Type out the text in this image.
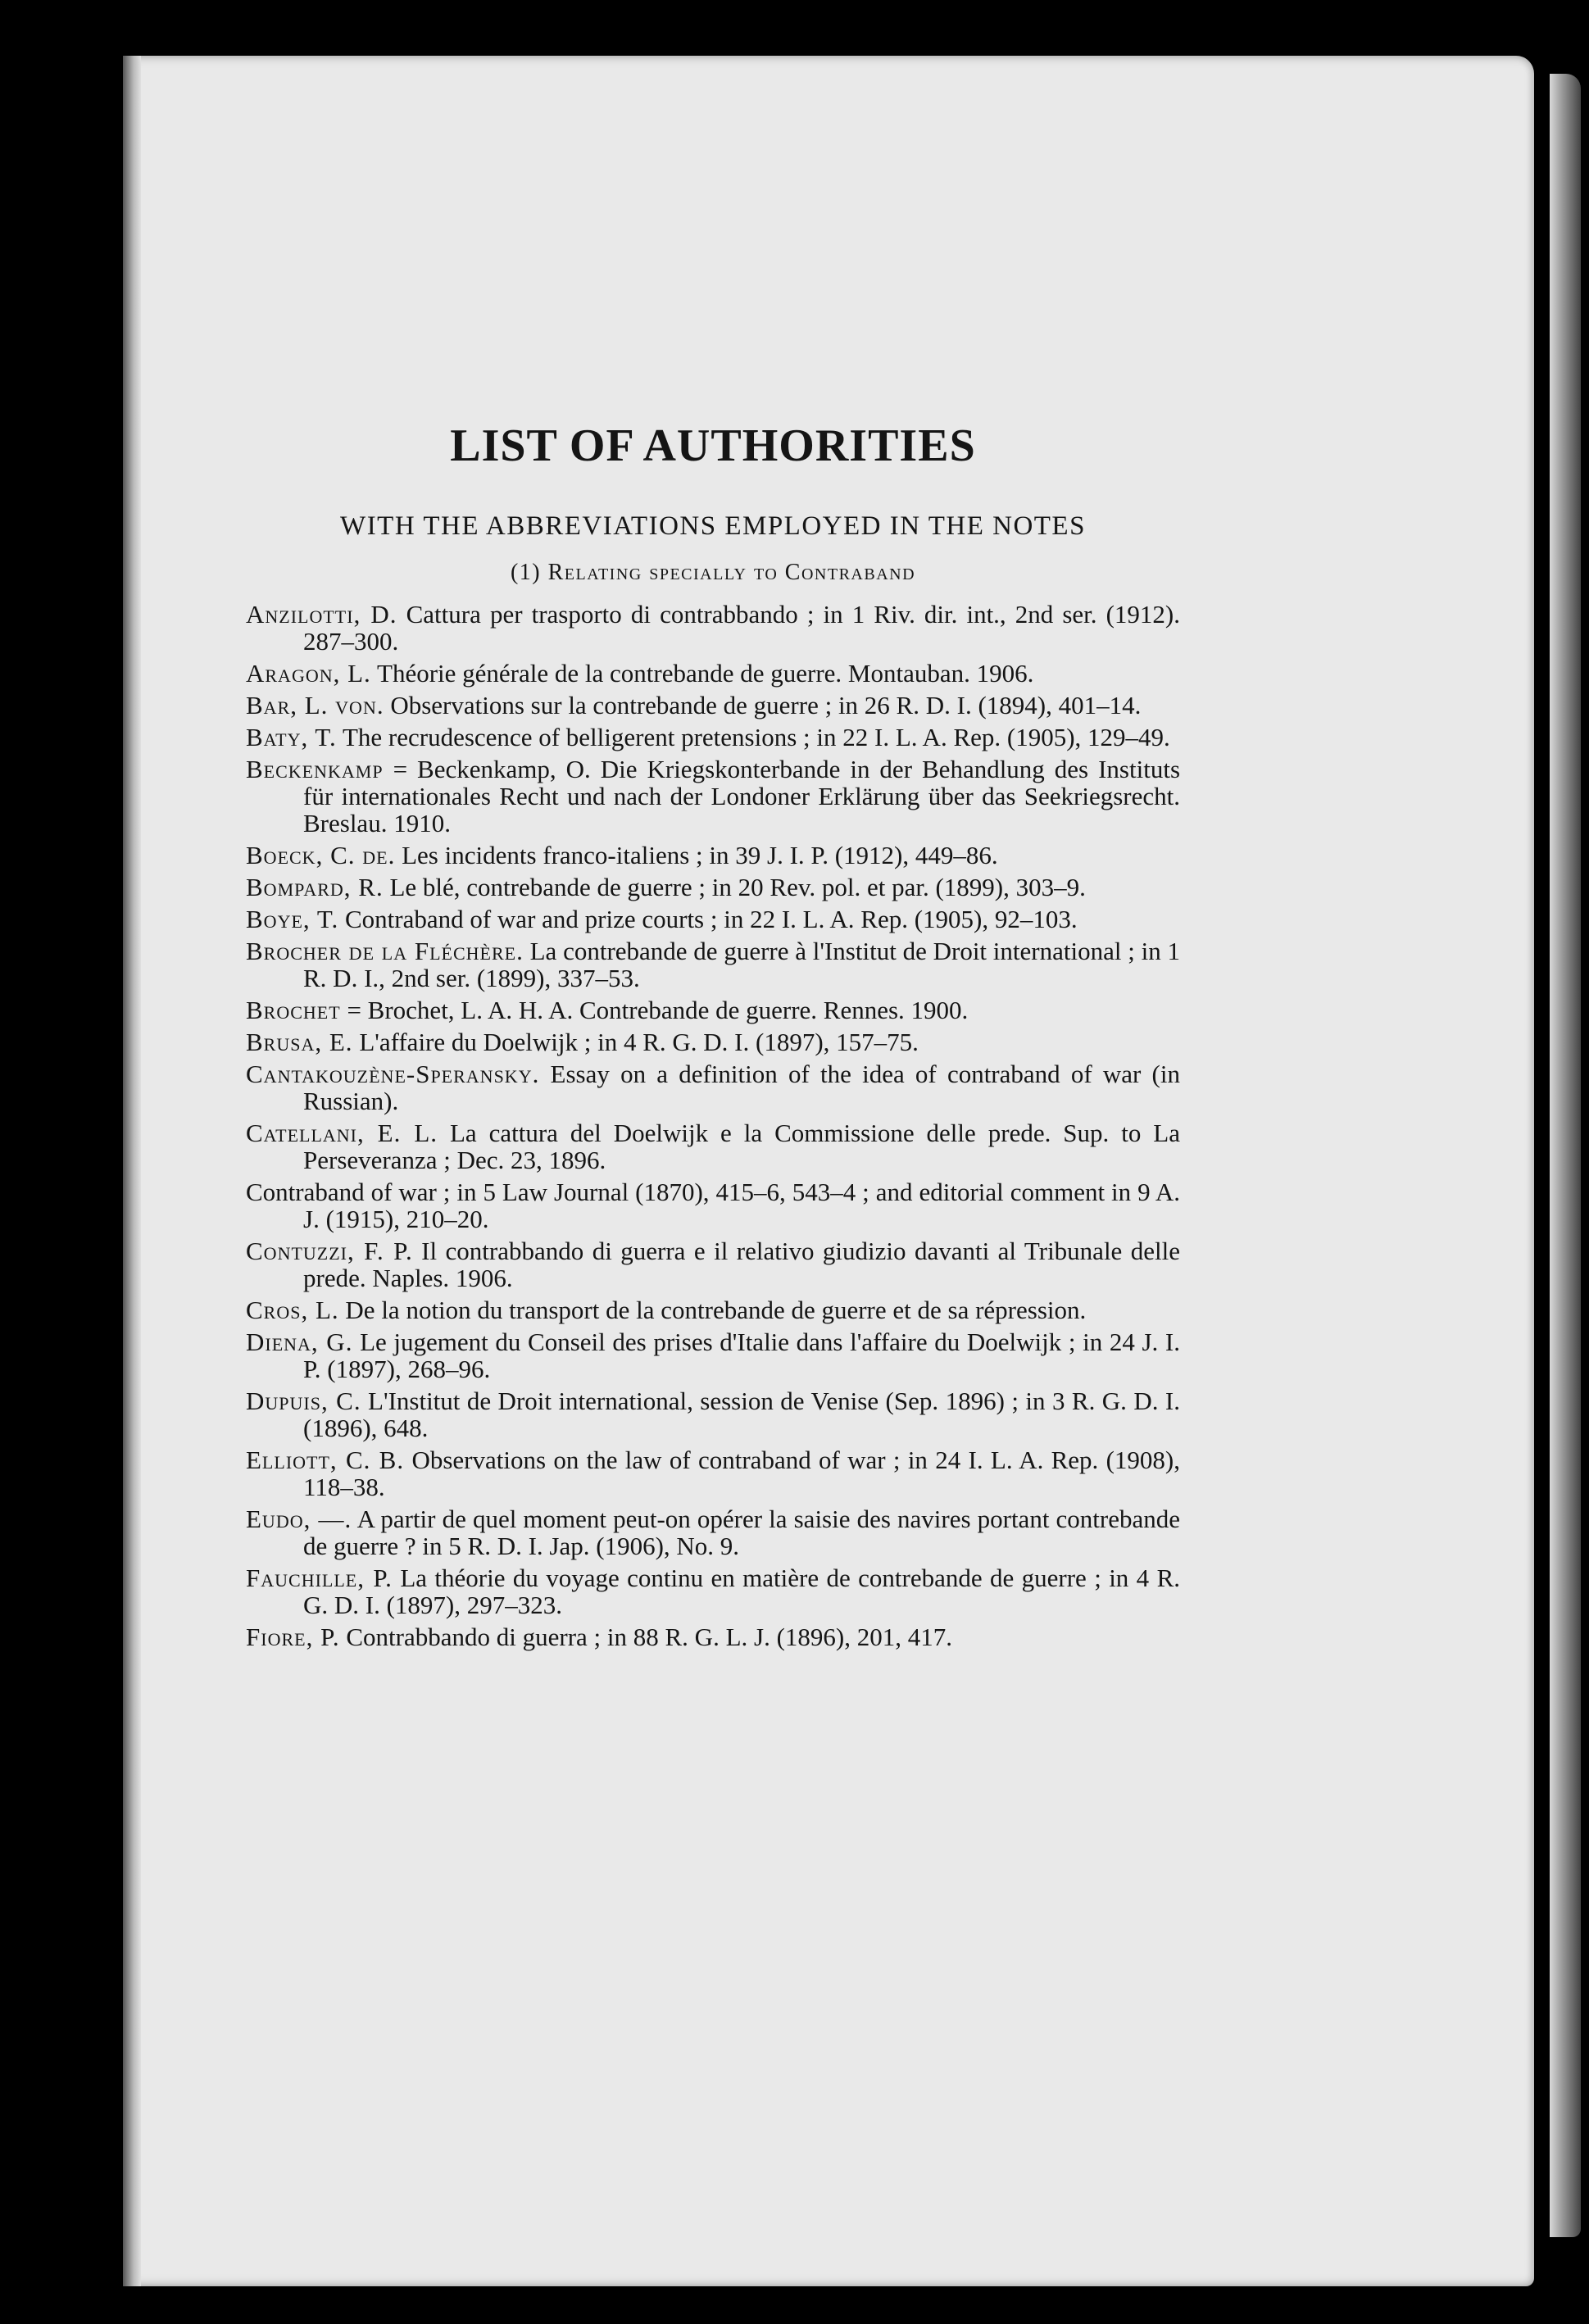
LIST OF AUTHORITIES
WITH THE ABBREVIATIONS EMPLOYED IN THE NOTES
(1) Relating specially to Contraband
Anzilotti, D. Cattura per trasporto di contrabbando ; in 1 Riv. dir. int., 2nd ser. (1912). 287–300.
Aragon, L. Théorie générale de la contrebande de guerre. Montauban. 1906.
Bar, L. von. Observations sur la contrebande de guerre ; in 26 R. D. I. (1894), 401–14.
Baty, T. The recrudescence of belligerent pretensions ; in 22 I. L. A. Rep. (1905), 129–49.
Beckenkamp = Beckenkamp, O. Die Kriegskonterbande in der Behandlung des Instituts für internationales Recht und nach der Londoner Erklärung über das Seekriegsrecht. Breslau. 1910.
Boeck, C. de. Les incidents franco-italiens ; in 39 J. I. P. (1912), 449–86.
Bompard, R. Le blé, contrebande de guerre ; in 20 Rev. pol. et par. (1899), 303–9.
Boye, T. Contraband of war and prize courts ; in 22 I. L. A. Rep. (1905), 92–103.
Brocher de la Fléchère. La contrebande de guerre à l'Institut de Droit international ; in 1 R. D. I., 2nd ser. (1899), 337–53.
Brochet = Brochet, L. A. H. A. Contrebande de guerre. Rennes. 1900.
Brusa, E. L'affaire du Doelwijk ; in 4 R. G. D. I. (1897), 157–75.
Cantakouzène-Speransky. Essay on a definition of the idea of contraband of war (in Russian).
Catellani, E. L. La cattura del Doelwijk e la Commissione delle prede. Sup. to La Perseveranza ; Dec. 23, 1896.
Contraband of war ; in 5 Law Journal (1870), 415–6, 543–4 ; and editorial comment in 9 A. J. (1915), 210–20.
Contuzzi, F. P. Il contrabbando di guerra e il relativo giudizio davanti al Tribunale delle prede. Naples. 1906.
Cros, L. De la notion du transport de la contrebande de guerre et de sa répression.
Diena, G. Le jugement du Conseil des prises d'Italie dans l'affaire du Doelwijk ; in 24 J. I. P. (1897), 268–96.
Dupuis, C. L'Institut de Droit international, session de Venise (Sep. 1896) ; in 3 R. G. D. I. (1896), 648.
Elliott, C. B. Observations on the law of contraband of war ; in 24 I. L. A. Rep. (1908), 118–38.
Eudo, —. A partir de quel moment peut-on opérer la saisie des navires portant contrebande de guerre ? in 5 R. D. I. Jap. (1906), No. 9.
Fauchille, P. La théorie du voyage continu en matière de contrebande de guerre ; in 4 R. G. D. I. (1897), 297–323.
Fiore, P. Contrabbando di guerra ; in 88 R. G. L. J. (1896), 201, 417.
